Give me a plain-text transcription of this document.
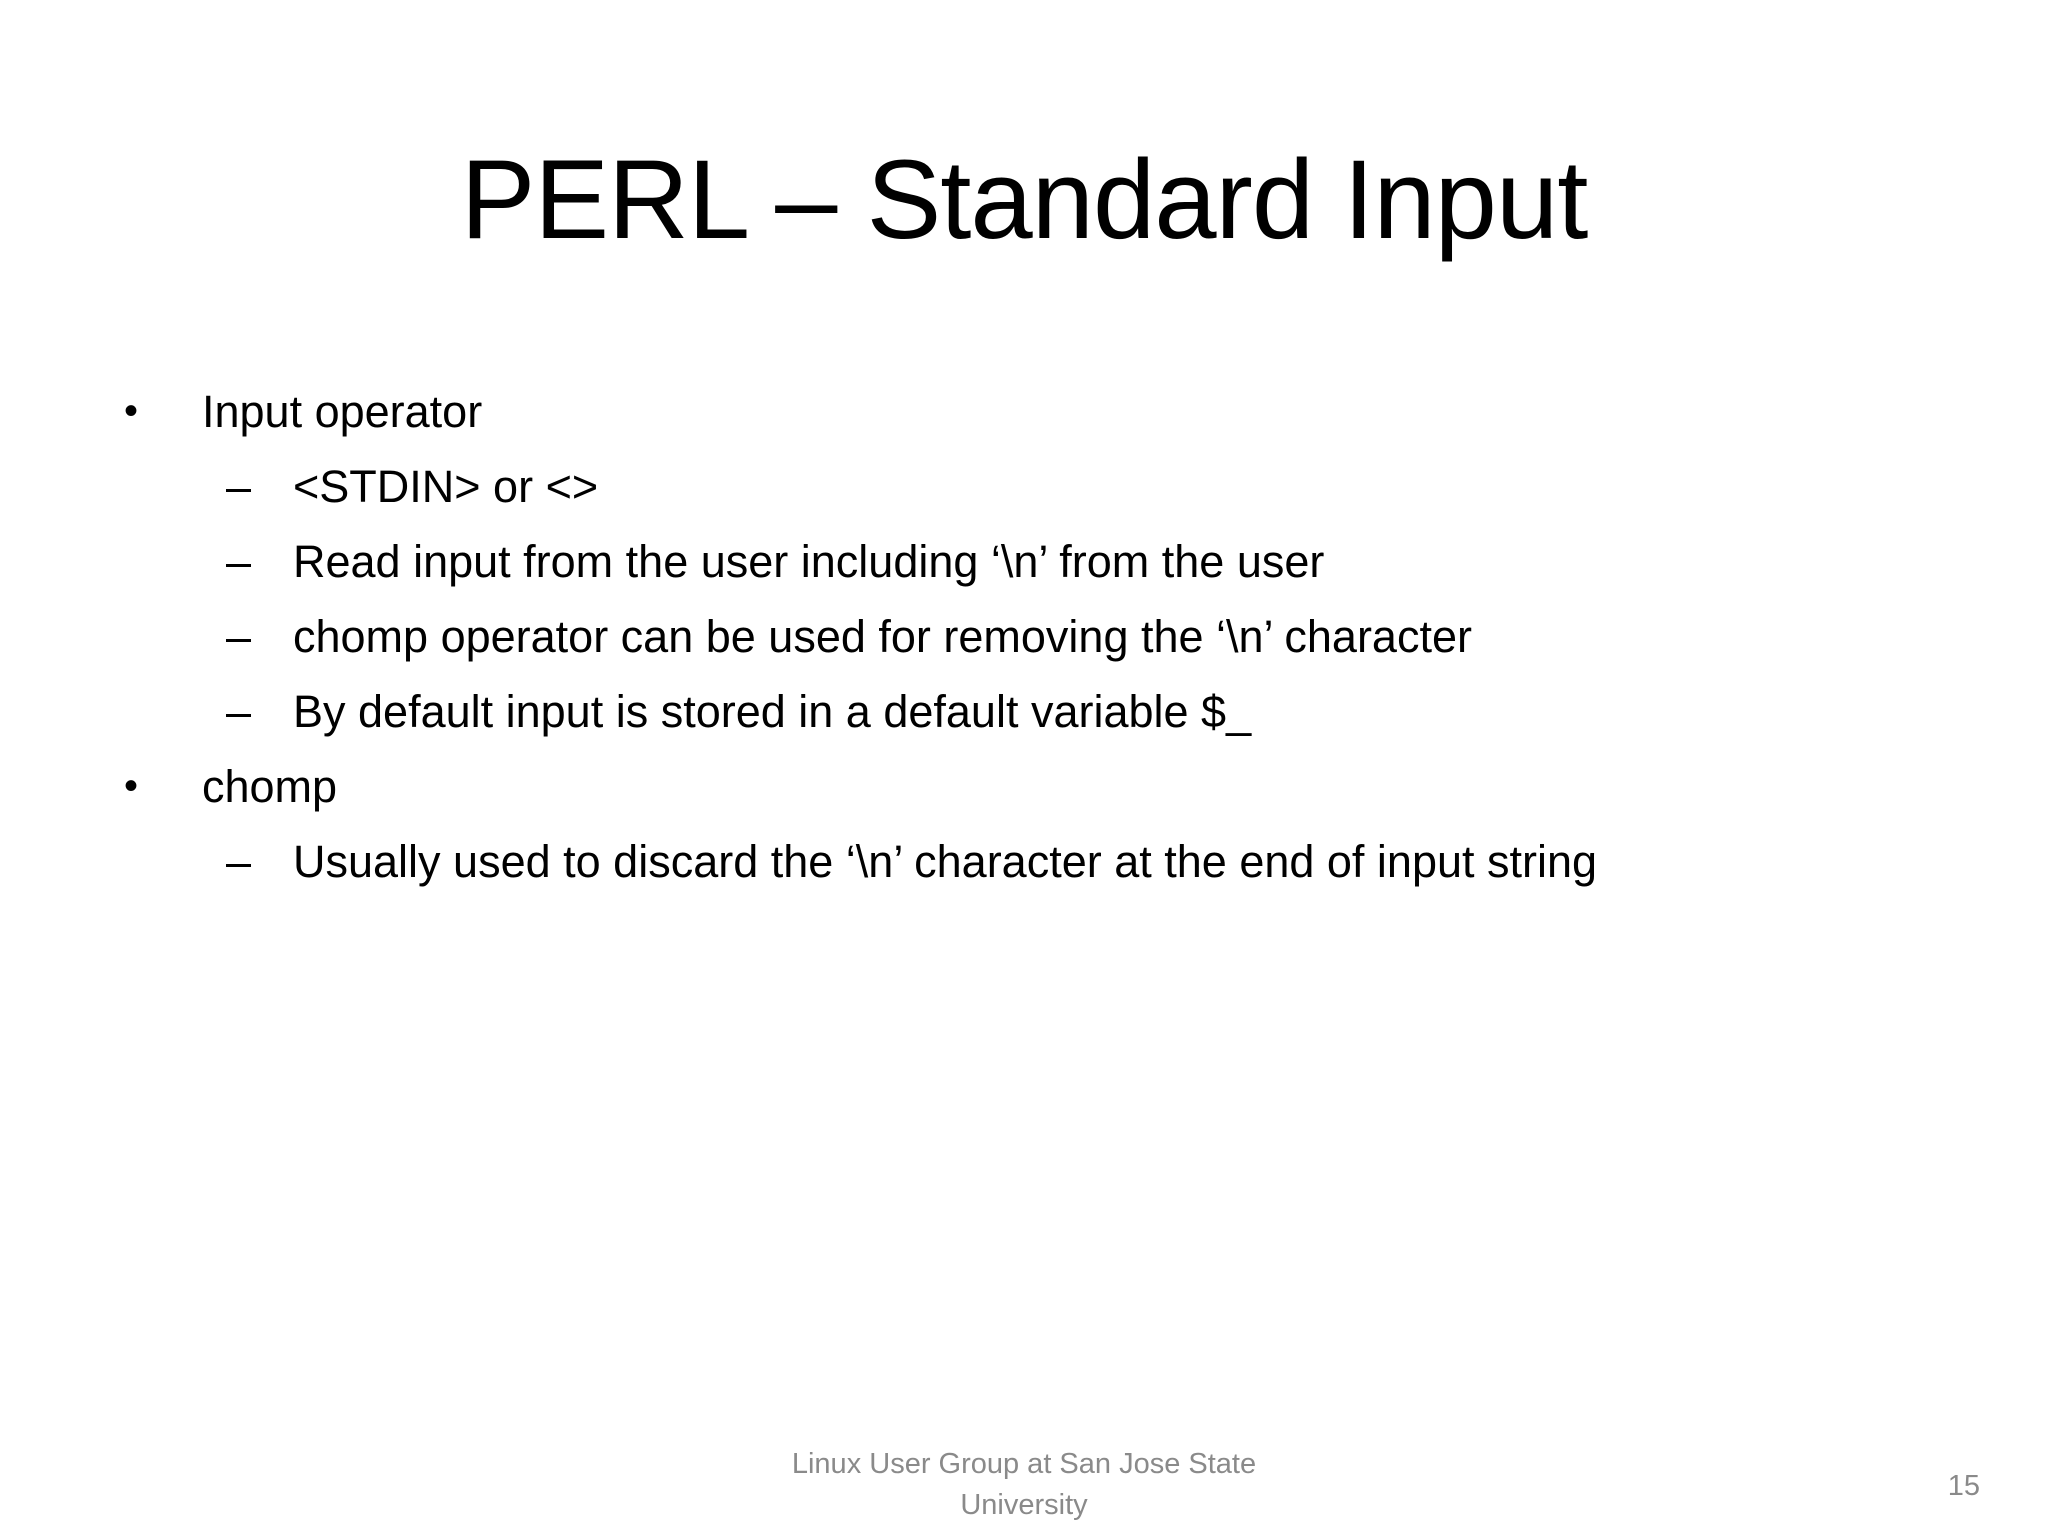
PERL – Standard Input
• Input operator
– <STDIN> or <>
– Read input from the user including ‘\n’ from the user
– chomp operator can be used for removing the ‘\n’ character
– By default input is stored in a default variable $_
• chomp
– Usually used to discard the ‘\n’ character at the end of input string
Linux User Group at San Jose State
University
15
